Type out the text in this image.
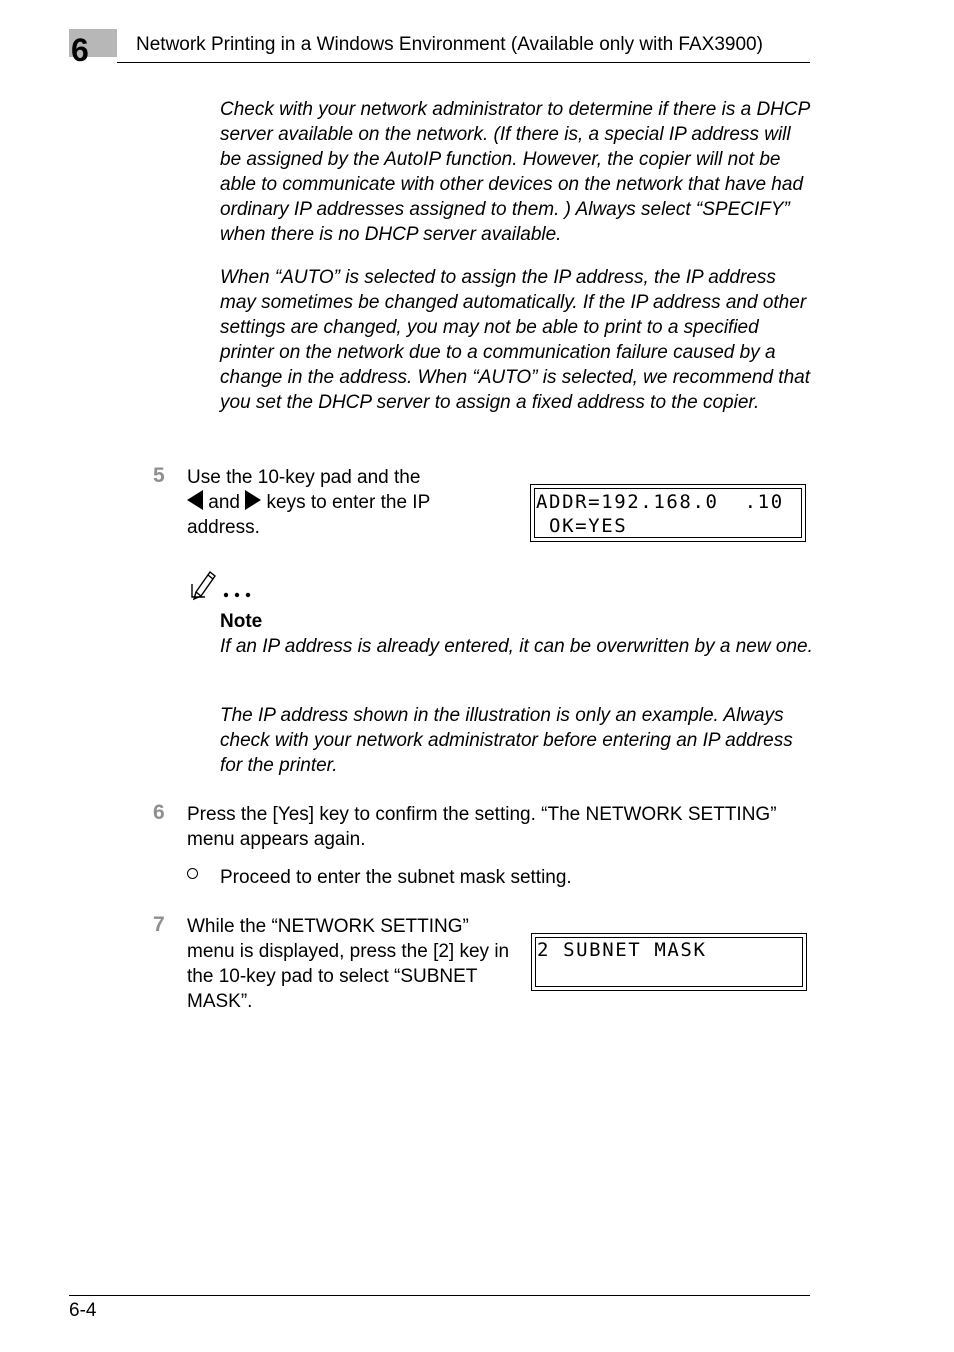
6 Network Printing in a Windows Environment (Available only with FAX3900)

Check with your network administrator to determine if there is a DHCP server available on the network. (If there is, a special IP address will be assigned by the AutoIP function. However, the copier will not be able to communicate with other devices on the network that have had ordinary IP addresses assigned to them. ) Always select “SPECIFY” when there is no DHCP server available.

When “AUTO” is selected to assign the IP address, the IP address may sometimes be changed automatically. If the IP address and other settings are changed, you may not be able to print to a specified printer on the network due to a communication failure caused by a change in the address. When “AUTO” is selected, we recommend that you set the DHCP server to assign a fixed address to the copier.

5 Use the 10-key pad and the
and keys to enter the IP
address.
ADDR=192.168.0  .10
OK=YES
Note

If an IP address is already entered, it can be overwritten by a new one.

The IP address shown in the illustration is only an example. Always check with your network administrator before entering an IP address for the printer.

6 Press the [Yes] key to confirm the setting. “The NETWORK SETTING” menu appears again.

Proceed to enter the subnet mask setting.
7 While the “NETWORK SETTING” menu is displayed, press the [2] key in the 10-key pad to select “SUBNET MASK”.

2 SUBNET MASK
6-4
